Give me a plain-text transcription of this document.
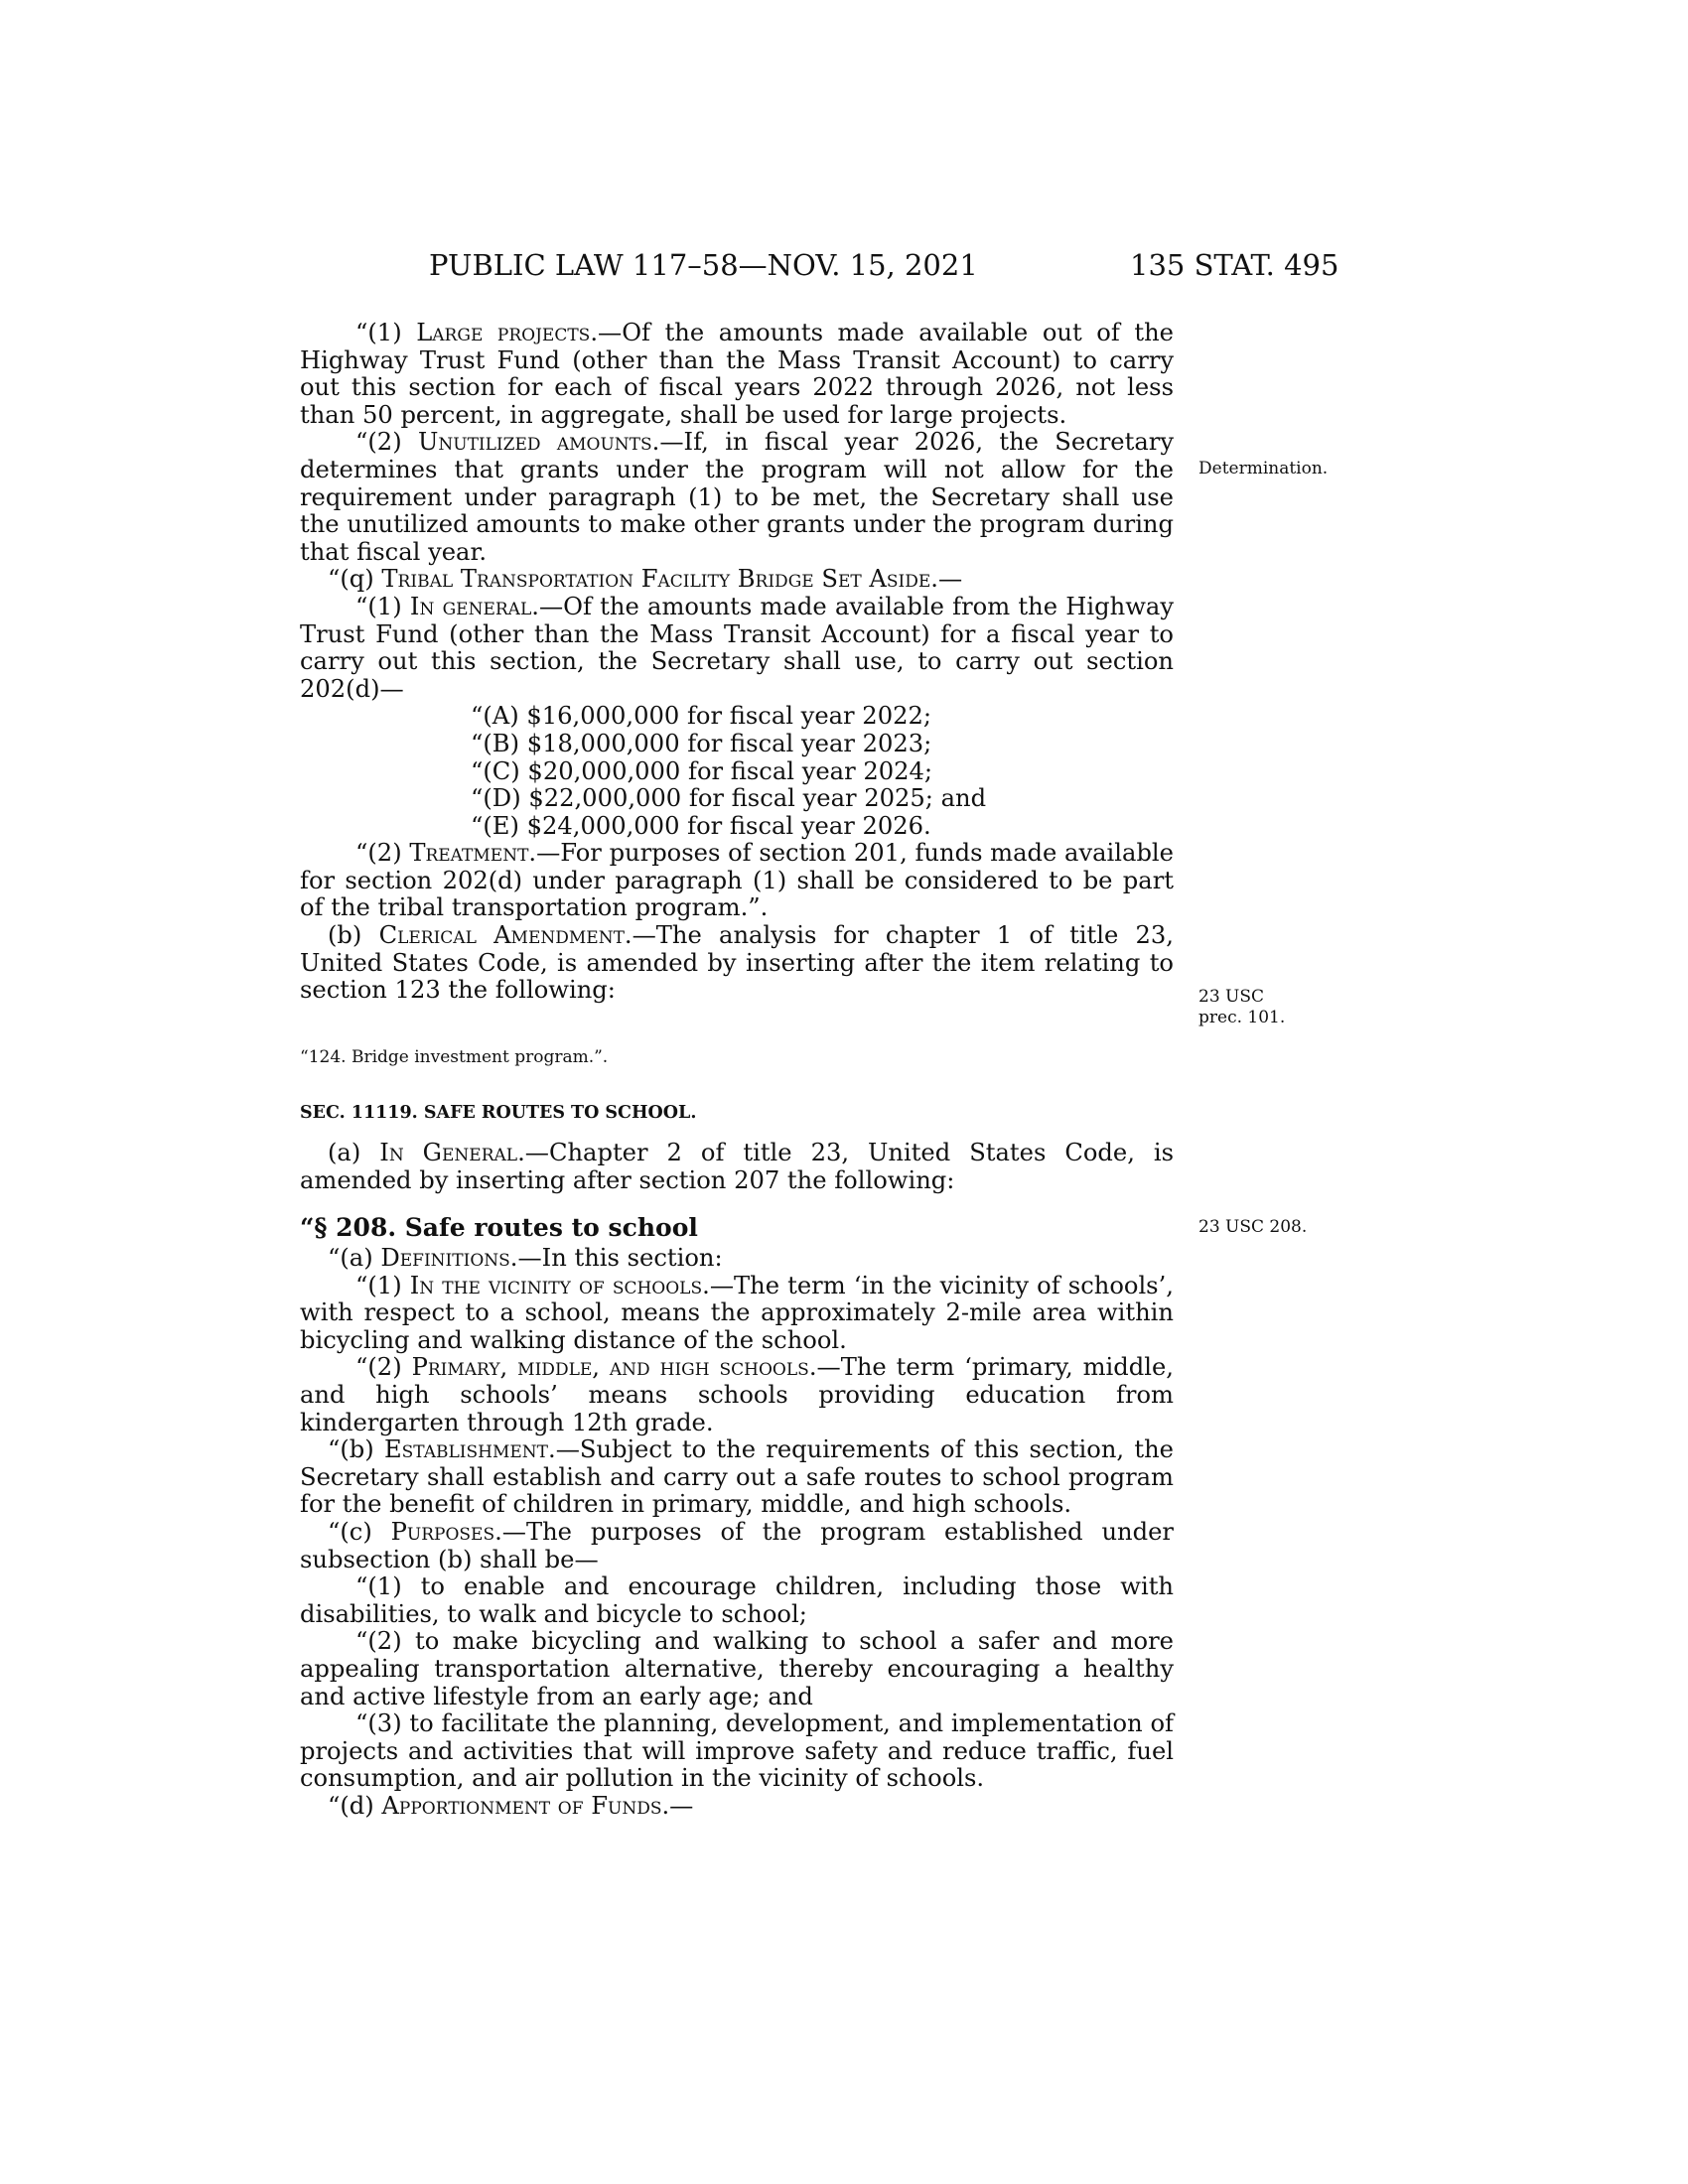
PUBLIC LAW 117–58—NOV. 15, 2021	135 STAT. 495

“(1) Large projects.—Of the amounts made available out of the Highway Trust Fund (other than the Mass Transit Account) to carry out this section for each of fiscal years 2022 through 2026, not less than 50 percent, in aggregate, shall be used for large projects.

“(2) Unutilized amounts.—If, in fiscal year 2026, the Secretary determines that grants under the program will not allow for the requirement under paragraph (1) to be met, the Secretary shall use the unutilized amounts to make other grants under the program during that fiscal year.

“(q) Tribal Transportation Facility Bridge Set Aside.—

“(1) In general.—Of the amounts made available from the Highway Trust Fund (other than the Mass Transit Account) for a fiscal year to carry out this section, the Secretary shall use, to carry out section 202(d)—

“(A) $16,000,000 for fiscal year 2022;

“(B) $18,000,000 for fiscal year 2023;

“(C) $20,000,000 for fiscal year 2024;

“(D) $22,000,000 for fiscal year 2025; and

“(E) $24,000,000 for fiscal year 2026.

“(2) Treatment.—For purposes of section 201, funds made available for section 202(d) under paragraph (1) shall be considered to be part of the tribal transportation program.”.

(b) Clerical Amendment.—The analysis for chapter 1 of title 23, United States Code, is amended by inserting after the item relating to section 123 the following:

“124. Bridge investment program.”.
SEC. 11119. SAFE ROUTES TO SCHOOL.

(a) In General.—Chapter 2 of title 23, United States Code, is amended by inserting after section 207 the following:

“§ 208. Safe routes to school

“(a) Definitions.—In this section:

“(1) In the vicinity of schools.—The term ‘in the vicinity of schools’, with respect to a school, means the approximately 2-mile area within bicycling and walking distance of the school.

“(2) Primary, middle, and high schools.—The term ‘primary, middle, and high schools’ means schools providing education from kindergarten through 12th grade.

“(b) Establishment.—Subject to the requirements of this section, the Secretary shall establish and carry out a safe routes to school program for the benefit of children in primary, middle, and high schools.

“(c) Purposes.—The purposes of the program established under subsection (b) shall be—

“(1) to enable and encourage children, including those with disabilities, to walk and bicycle to school;

“(2) to make bicycling and walking to school a safer and more appealing transportation alternative, thereby encouraging a healthy and active lifestyle from an early age; and

“(3) to facilitate the planning, development, and implementation of projects and activities that will improve safety and reduce traffic, fuel consumption, and air pollution in the vicinity of schools.

“(d) Apportionment of Funds.—

Determination.
23 USC
prec. 101.
23 USC 208.
